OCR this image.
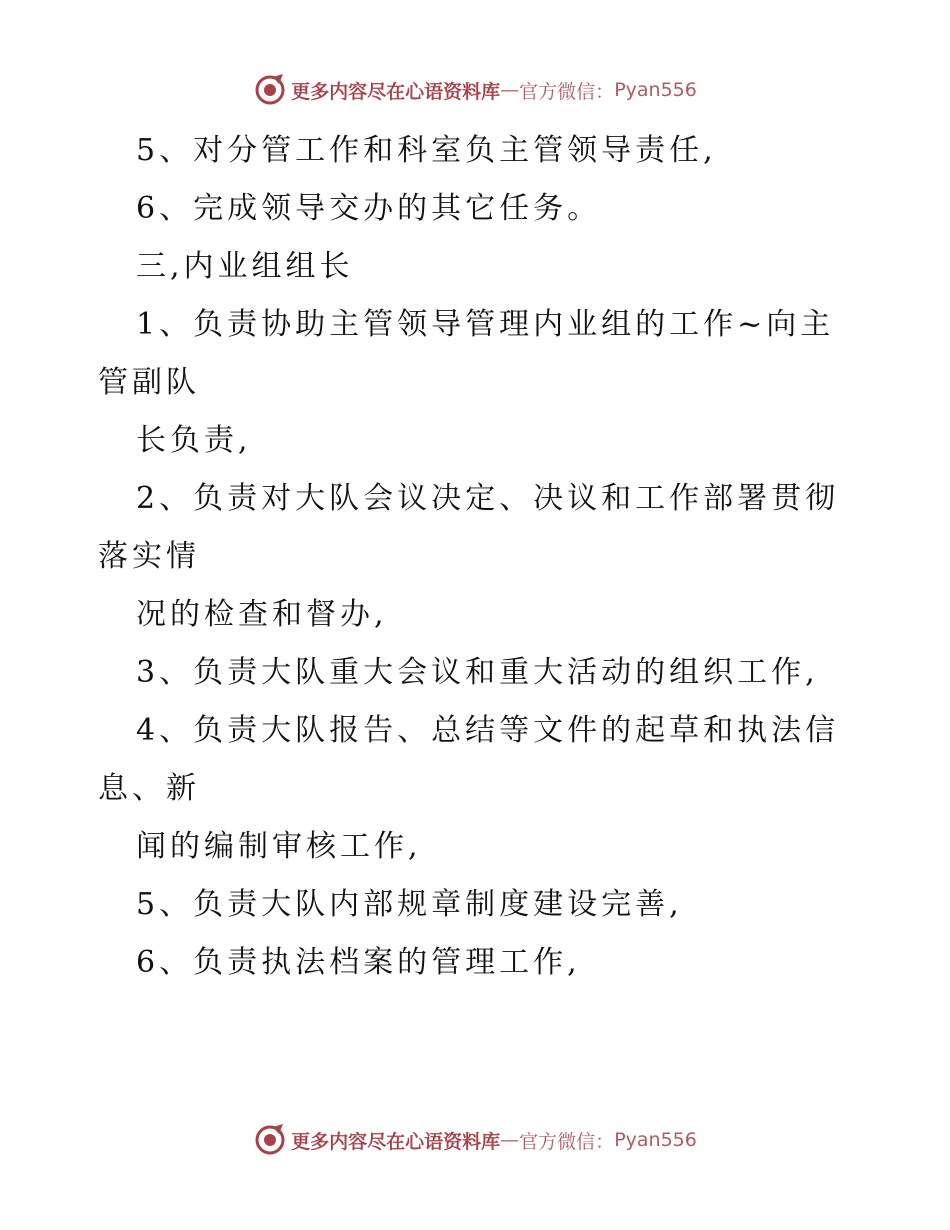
更多内容尽在心语资料库 — 官方微信： Pyan556
5、对分管工作和科室负主管领导责任,
6、完成领导交办的其它任务。
三,内业组组长
1、负责协助主管领导管理内业组的工作~向主
管副队
长负责,
2、负责对大队会议决定、决议和工作部署贯彻
落实情
况的检查和督办,
3、负责大队重大会议和重大活动的组织工作,
4、负责大队报告、总结等文件的起草和执法信
息、新
闻的编制审核工作,
5、负责大队内部规章制度建设完善,
6、负责执法档案的管理工作,
更多内容尽在心语资料库 — 官方微信： Pyan556
